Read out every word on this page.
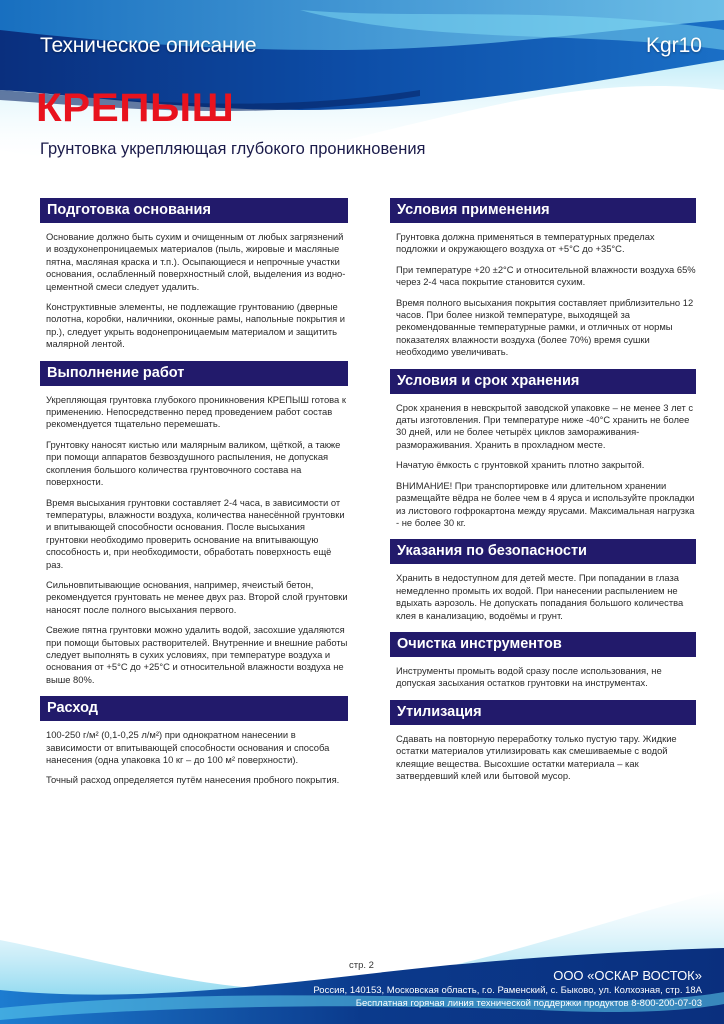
Техническое описание	Kgr10
КРЕПЫШ
Грунтовка укрепляющая глубокого проникновения
Подготовка основания

Основание должно быть сухим и очищенным от любых загрязнений и воздухонепроницаемых материалов (пыль, жировые и масляные пятна, масляная краска и т.п.). Осыпающиеся и непрочные участки основания, ослабленный поверхностный слой, выделения из водно-цементной смеси следует удалить.

Конструктивные элементы, не подлежащие грунтованию (дверные полотна, коробки, наличники, оконные рамы, напольные покрытия и пр.), следует укрыть водонепроницаемым материалом и защитить малярной лентой.

Выполнение работ

Укрепляющая грунтовка глубокого проникновения КРЕПЫШ готова к применению. Непосредственно перед проведением работ состав рекомендуется тщательно перемешать.

Грунтовку наносят кистью или малярным валиком, щёткой, а также при помощи аппаратов безвоздушного распыления, не допуская скопления большого количества грунтовочного состава на поверхности.

Время высыхания грунтовки составляет 2-4 часа, в зависимости от температуры, влажности воздуха, количества нанесённой грунтовки и впитывающей способности основания. После высыхания грунтовки необходимо проверить основание на впитывающую способность и, при необходимости, обработать поверхность ещё раз.

Сильновпитывающие основания, например, ячеистый бетон, рекомендуется грунтовать не менее двух раз. Второй слой грунтовки наносят после полного высыхания первого.

Свежие пятна грунтовки можно удалить водой, засохшие удаляются при помощи бытовых растворителей. Внутренние и внешние работы следует выполнять в сухих условиях, при температуре воздуха и основания от +5°С до +25°С и относительной влажности воздуха не выше 80%.

Расход

100-250 г/м² (0,1-0,25 л/м²) при однократном нанесении в зависимости от впитывающей способности основания и способа нанесения (одна упаковка 10 кг – до 100 м² поверхности).

Точный расход определяется путём нанесения пробного покрытия.

Условия применения

Грунтовка должна применяться в температурных пределах подложки и окружающего воздуха от +5°С до +35°С.

При температуре +20 ±2°С и относительной влажности воздуха 65% через 2-4 часа покрытие становится сухим.

Время полного высыхания покрытия составляет приблизительно 12 часов. При более низкой температуре, выходящей за рекомендованные температурные рамки, и отличных от нормы показателях влажности воздуха (более 70%) время сушки необходимо увеличивать.

Условия и срок хранения

Срок хранения в невскрытой заводской упаковке – не менее 3 лет с даты изготовления. При температуре ниже -40°С хранить не более 30 дней, или не более четырёх циклов замораживания-размораживания. Хранить в прохладном месте.

Начатую ёмкость с грунтовкой хранить плотно закрытой.

ВНИМАНИЕ! При транспортировке или длительном хранении размещайте вёдра не более чем в 4 яруса и используйте прокладки из листового гофрокартона между ярусами. Максимальная нагрузка - не более 30 кг.

Указания по безопасности

Хранить в недоступном для детей месте. При попадании в глаза немедленно промыть их водой. При нанесении распылением не вдыхать аэрозоль. Не допускать попадания большого количества клея в канализацию, водоёмы и грунт.

Очистка инструментов

Инструменты промыть водой сразу после использования, не допуская засыхания остатков грунтовки на инструментах.

Утилизация

Сдавать на повторную переработку только пустую тару. Жидкие остатки материалов утилизировать как смешиваемые с водой клеящие вещества. Высохшие остатки материала – как затвердевший клей или бытовой мусор.

стр. 2
ООО «ОСКАР ВОСТОК»
Россия, 140153, Московская область, г.о. Раменский, с. Быково, ул. Колхозная, стр. 18А
Бесплатная горячая линия технической поддержки продуктов 8-800-200-07-03
